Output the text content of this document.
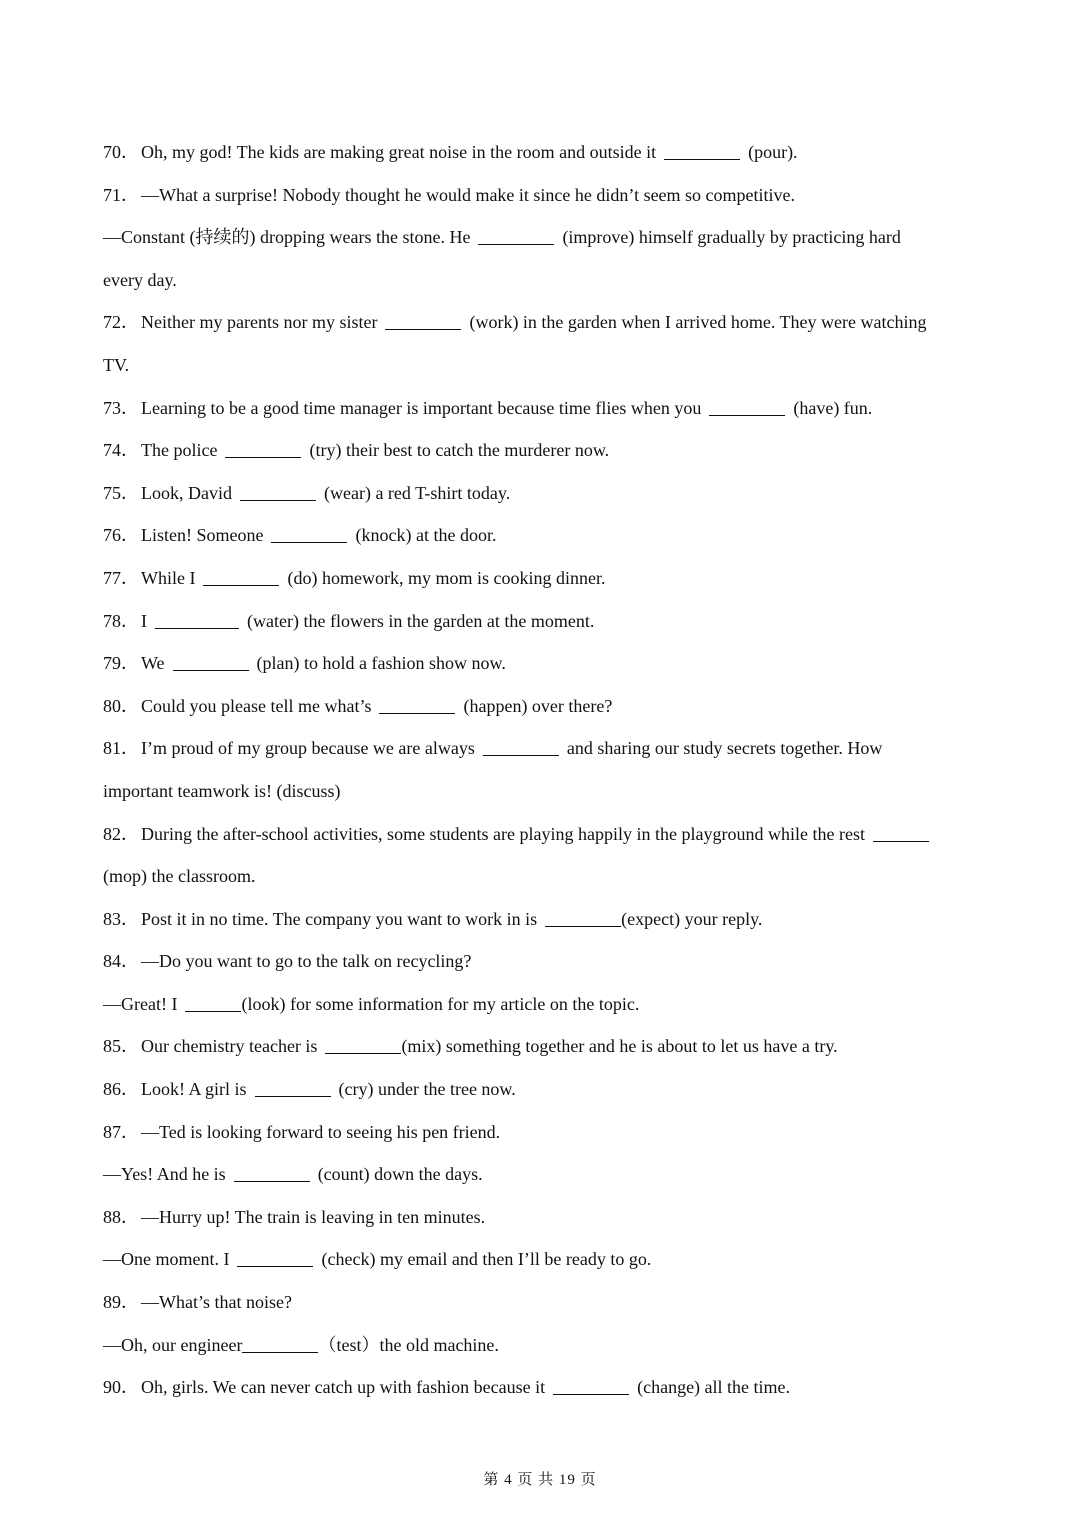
70． Oh, my god! The kids are making great noise in the room and outside it	(pour).
71． —What a surprise! Nobody thought he would make it since he didn’t seem so competitive.
—Constant (持续的) dropping wears the stone. He	(improve) himself gradually by practicing hard
every day.
72． Neither my parents nor my sister	(work) in the garden when I arrived home. They were watching
TV.
73． Learning to be a good time manager is important because time flies when you	(have) fun.
74． The police	(try) their best to catch the murderer now.
75． Look, David	(wear) a red T-shirt today.
76． Listen! Someone	(knock) at the door.
77． While I	(do) homework, my mom is cooking dinner.
78． I	(water) the flowers in the garden at the moment.
79． We	(plan) to hold a fashion show now.
80． Could you please tell me what’s	(happen) over there?
81． I’m proud of my group because we are always	and sharing our study secrets together. How
important teamwork is! (discuss)
82． During the after-school activities, some students are playing happily in the playground while the rest
(mop) the classroom.
83． Post it in no time. The company you want to work in is	(expect) your reply.
84． —Do you want to go to the talk on recycling?
—Great! I	(look) for some information for my article on the topic.
85． Our chemistry teacher is	(mix) something together and he is about to let us have a try.
86． Look! A girl is	(cry) under the tree now.
87． —Ted is looking forward to seeing his pen friend.
—Yes! And he is	(count) down the days.
88． —Hurry up! The train is leaving in ten minutes.
—One moment. I	(check) my email and then I’ll be ready to go.
89． —What’s that noise?
—Oh, our engineer	（test）the old machine.
90． Oh, girls. We can never catch up with fashion because it	(change) all the time.
第 4 页 共 19 页
